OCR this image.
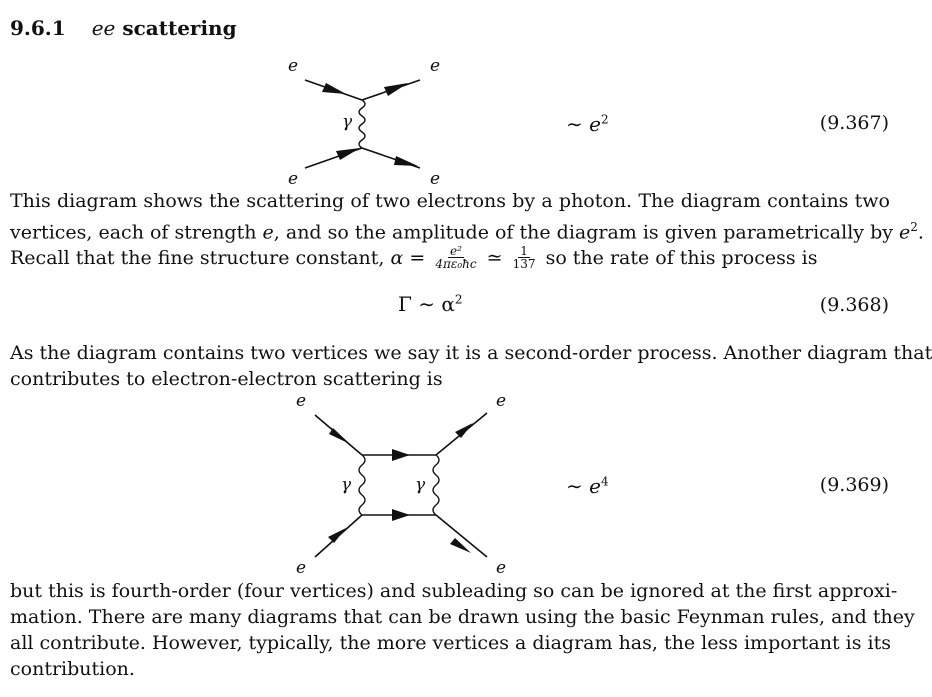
9.6.1 ee scattering
e	e
e	e
γ	∼ $e^2$	(9.367)
This diagram shows the scattering of two electrons by a photon. The diagram contains two
vertices, each of strength e, and so the amplitude of the diagram is given parametrically by $e^2$.
Recall that the fine structure constant, $\alpha = \frac{\text{e²}}{\text{4πε₀ħc}}$ ≃ $\frac{1}{137}$ so the rate of this process is
Γ ∼ $\alpha^2$	(9.368)
As the diagram contains two vertices we say it is a second-order process. Another diagram that
contributes to electron-electron scattering is
e	e
e	e
γ	γ	∼ $e^4$	(9.369)
but this is fourth-order (four vertices) and subleading so can be ignored at the first approxi-
mation. There are many diagrams that can be drawn using the basic Feynman rules, and they
all contribute. However, typically, the more vertices a diagram has, the less important is its
contribution.
